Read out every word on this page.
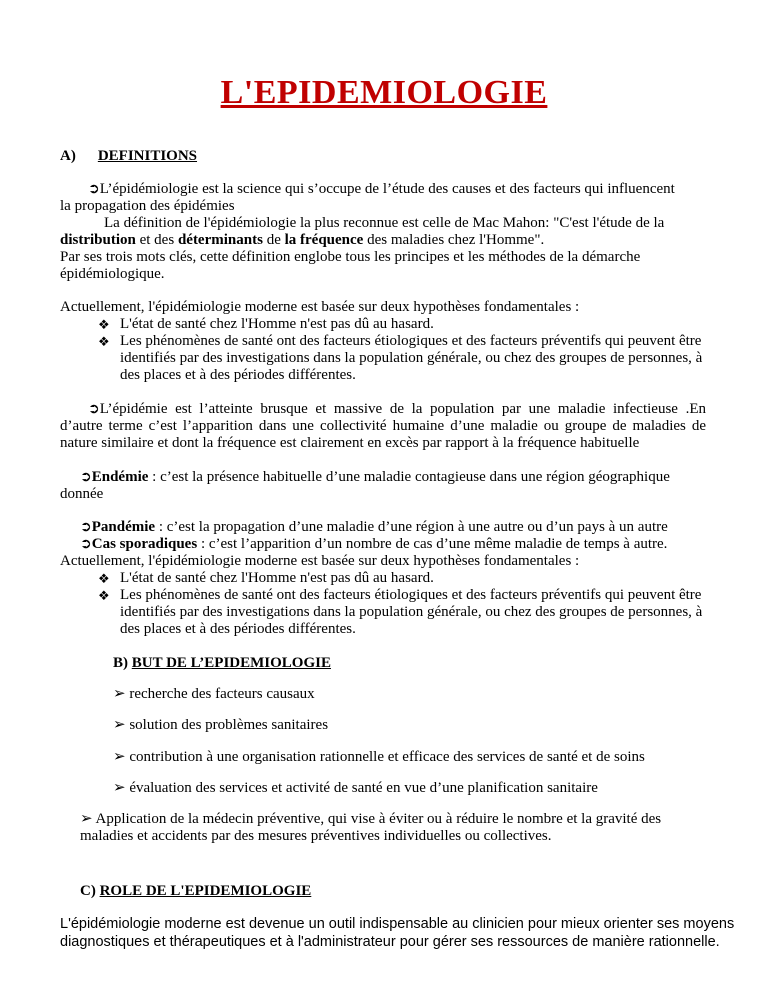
L'EPIDEMIOLOGIE
A) DEFINITIONS
➲L’épidémiologie est la science qui s’occupe de l’étude des causes et des facteurs qui influencent
la propagation des épidémies
La définition de l'épidémiologie la plus reconnue est celle de Mac Mahon: "C'est l'étude de la
distribution et des déterminants de la fréquence des maladies chez l'Homme".
Par ses trois mots clés, cette définition englobe tous les principes et les méthodes de la démarche
épidémiologique.
Actuellement, l'épidémiologie moderne est basée sur deux hypothèses fondamentales :
❖ L'état de santé chez l'Homme n'est pas dû au hasard.
❖ Les phénomènes de santé ont des facteurs étiologiques et des facteurs préventifs qui peuvent être
identifiés par des investigations dans la population générale, ou chez des groupes de personnes, à
des places et à des périodes différentes.
➲L’épidémie est l’atteinte brusque et massive de la population par une maladie infectieuse .En
d’autre terme c’est l’apparition dans une collectivité humaine d’une maladie ou groupe de maladies de
nature similaire et dont la fréquence est clairement en excès par rapport à la fréquence habituelle
➲Endémie : c’est la présence habituelle d’une maladie contagieuse dans une région géographique
donnée
➲Pandémie : c’est la propagation d’une maladie d’une région à une autre ou d’un pays à un autre
➲Cas sporadiques : c’est l’apparition d’un nombre de cas d’une même maladie de temps à autre.
Actuellement, l'épidémiologie moderne est basée sur deux hypothèses fondamentales :
❖ L'état de santé chez l'Homme n'est pas dû au hasard.
❖ Les phénomènes de santé ont des facteurs étiologiques et des facteurs préventifs qui peuvent être
identifiés par des investigations dans la population générale, ou chez des groupes de personnes, à
des places et à des périodes différentes.
B) BUT DE L’EPIDEMIOLOGIE
➢ recherche des facteurs causaux
➢ solution des problèmes sanitaires
➢ contribution à une organisation rationnelle et efficace des services de santé et de soins
➢ évaluation des services et activité de santé en vue d’une planification sanitaire
➢ Application de la médecin préventive, qui vise à éviter ou à réduire le nombre et la gravité des
maladies et accidents par des mesures préventives individuelles ou collectives.
C) ROLE DE L'EPIDEMIOLOGIE
L'épidémiologie moderne est devenue un outil indispensable au clinicien pour mieux orienter ses moyens
diagnostiques et thérapeutiques et à l'administrateur pour gérer ses ressources de manière rationnelle.
